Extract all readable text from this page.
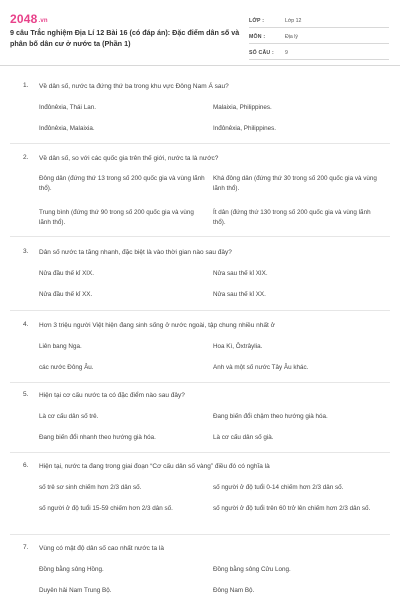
2048.vn
9 câu Trắc nghiệm Địa Lí 12 Bài 16 (có đáp án): Đặc điểm dân số và phân bố dân cư ở nước ta (Phần 1)
LỚP :	Lớp 12
MÔN :	Địa lý
SỐ CÂU :	9
1. Về dân số, nước ta đứng thứ ba trong khu vực Đông Nam Á sau?
Inđônêxia, Thái Lan.	Malaixia, Philippines.
Inđônêxia, Malaixia.	Inđônêxia, Philippines.
2. Về dân số, so với các quốc gia trên thế giới, nước ta là nước?
Đông dân (đứng thứ 13 trong số 200 quốc gia và vùng lãnh thổ).
Khá đông dân (đứng thứ 30 trong số 200 quốc gia và vùng lãnh thổ).
Trung bình (đứng thứ 90 trong số 200 quốc gia và vùng lãnh thổ).
Ít dân (đứng thứ 130 trong số 200 quốc gia và vùng lãnh thổ).
3. Dân số nước ta tăng nhanh, đặc biệt là vào thời gian nào sau đây?
Nửa đầu thế kỉ XIX.	Nửa sau thế kỉ XIX.
Nửa đầu thế kỉ XX.	Nửa sau thế kỉ XX.
4. Hơn 3 triệu người Việt hiện đang sinh sống ở nước ngoài, tập chung nhiều nhất ở
Liên bang Nga.	Hoa Kì, Ôxtrâylia.
các nước Đông Âu.	Anh và một số nước Tây Âu khác.
5. Hiện tại cơ cấu nước ta có đặc điểm nào sau đây?
Là cơ cấu dân số trẻ.	Đang biến đổi chậm theo hướng già hóa.
Đang biến đổi nhanh theo hướng già hóa.	Là cơ cấu dân số già.
6. Hiện tại, nước ta đang trong giai đoạn “Cơ cấu dân số vàng” điều đó có nghĩa là
số trẻ sơ sinh chiếm hơn 2/3 dân số.	số người ở độ tuổi 0-14 chiếm hơn 2/3 dân số.
số người ở độ tuổi 15-59 chiếm hơn 2/3 dân số.	số người ở độ tuổi trên 60 trở lên chiếm hơn 2/3 dân số.
7. Vùng có mật độ dân số cao nhất nước ta là
Đồng bằng sông Hồng.	Đồng bằng sông Cửu Long.
Duyên hải Nam Trung Bộ.	Đông Nam Bộ.
